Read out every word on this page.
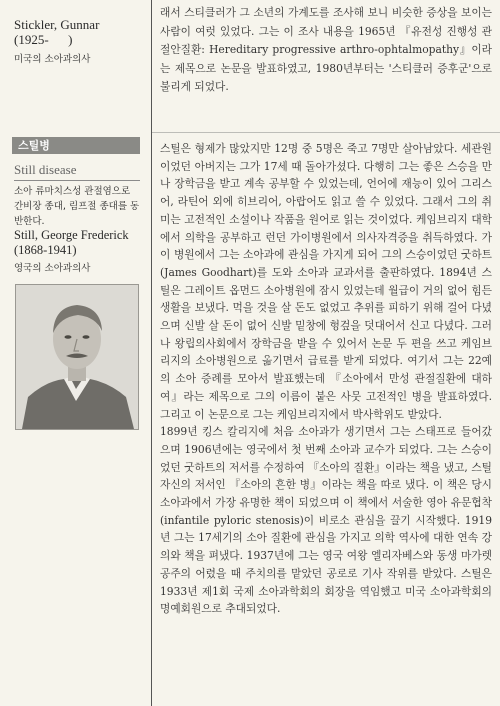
Stickler, Gunnar

(1925-      )

미국의 소아과의사

스틸병

Still disease

소아 류마치스성 관절염으로 간비장 종대, 림프절 종대를 동반한다.

Still, George Frederick

(1868-1941)

영국의 소아과의사

래서 스티클러가 그 소년의 가계도를 조사해 보니 비슷한 증상을 보이는 사람이 여럿 있었다. 그는 이 조사 내용을 1965년 『유전성 진행성 관절안질환: Hereditary progressive arthro-ophtalmopathy』이라는 제목으로 논문을 발표하였고, 1980년부터는 '스티클러 증후군'으로 불리게 되었다.

스틸은 형제가 많았지만 12명 중 5명은 죽고 7명만 살아남았다. 세관원이었던 아버지는 그가 17세 때 돌아가셨다. 다행히 그는 좋은 스승을 만나 장학금을 받고 계속 공부할 수 있었는데, 언어에 재능이 있어 그리스어, 라틴어 외에 히브리어, 아랍어도 읽고 쓸 수 있었다. 그래서 그의 취미는 고전적인 소설이나 작품을 원어로 읽는 것이었다. 케임브리지 대학에서 의학을 공부하고 런던 가이병원에서 의사자격증을 취득하였다. 가이 병원에서 그는 소아과에 관심을 가지게 되어 그의 스승이었던 굿하트(James Goodhart)를 도와 소아과 교과서를 출판하였다. 1894년 스틸은 그레이트 옵먼드 소아병원에 잠시 있었는데 월급이 거의 없어 힘든 생활을 보냈다. 먹을 것을 살 돈도 없었고 추위를 피하기 위해 걸어 다녔으며 신발 살 돈이 없어 신발 밑창에 헝겊을 덧대어서 신고 다녔다. 그러나 왕립의사회에서 장학금을 받을 수 있어서 논문 두 편을 쓰고 케임브리지의 소아병원으로 옮기면서 급료를 받게 되었다. 여기서 그는 22예의 소아 증례를 모아서 발표했는데 『소아에서 만성 관절질환에 대하여』라는 제목으로 그의 이름이 붙은 사뭇 고전적인 병을 발표하였다. 그리고 이 논문으로 그는 케임브리지에서 박사학위도 받았다.

1899년 킹스 칼리지에 처음 소아과가 생기면서 그는 스태프로 들어갔으며 1906년에는 영국에서 첫 번째 소아과 교수가 되었다. 그는 스승이었던 굿하트의 저서를 수정하여 『소아의 질환』이라는 책을 냈고, 스틸 자신의 저서인 『소아의 흔한 병』이라는 책을 따로 냈다. 이 책은 당시 소아과에서 가장 유명한 책이 되었으며 이 책에서 서술한 영아 유문협착(infantile pyloric stenosis)이 비로소 관심을 끌기 시작했다. 1919년 그는 17세기의 소아 질환에 관심을 가지고 의학 역사에 대한 연속 강의와 책을 펴냈다. 1937년에 그는 영국 여왕 엘리자베스와 동생 마가렛 공주의 어렸을 때 주치의를 맡았던 공로로 기사 작위를 받았다. 스틸은 1933년 제1회 국제 소아과학회의 회장을 역임했고 미국 소아과학회의 명예회원으로 추대되었다.
